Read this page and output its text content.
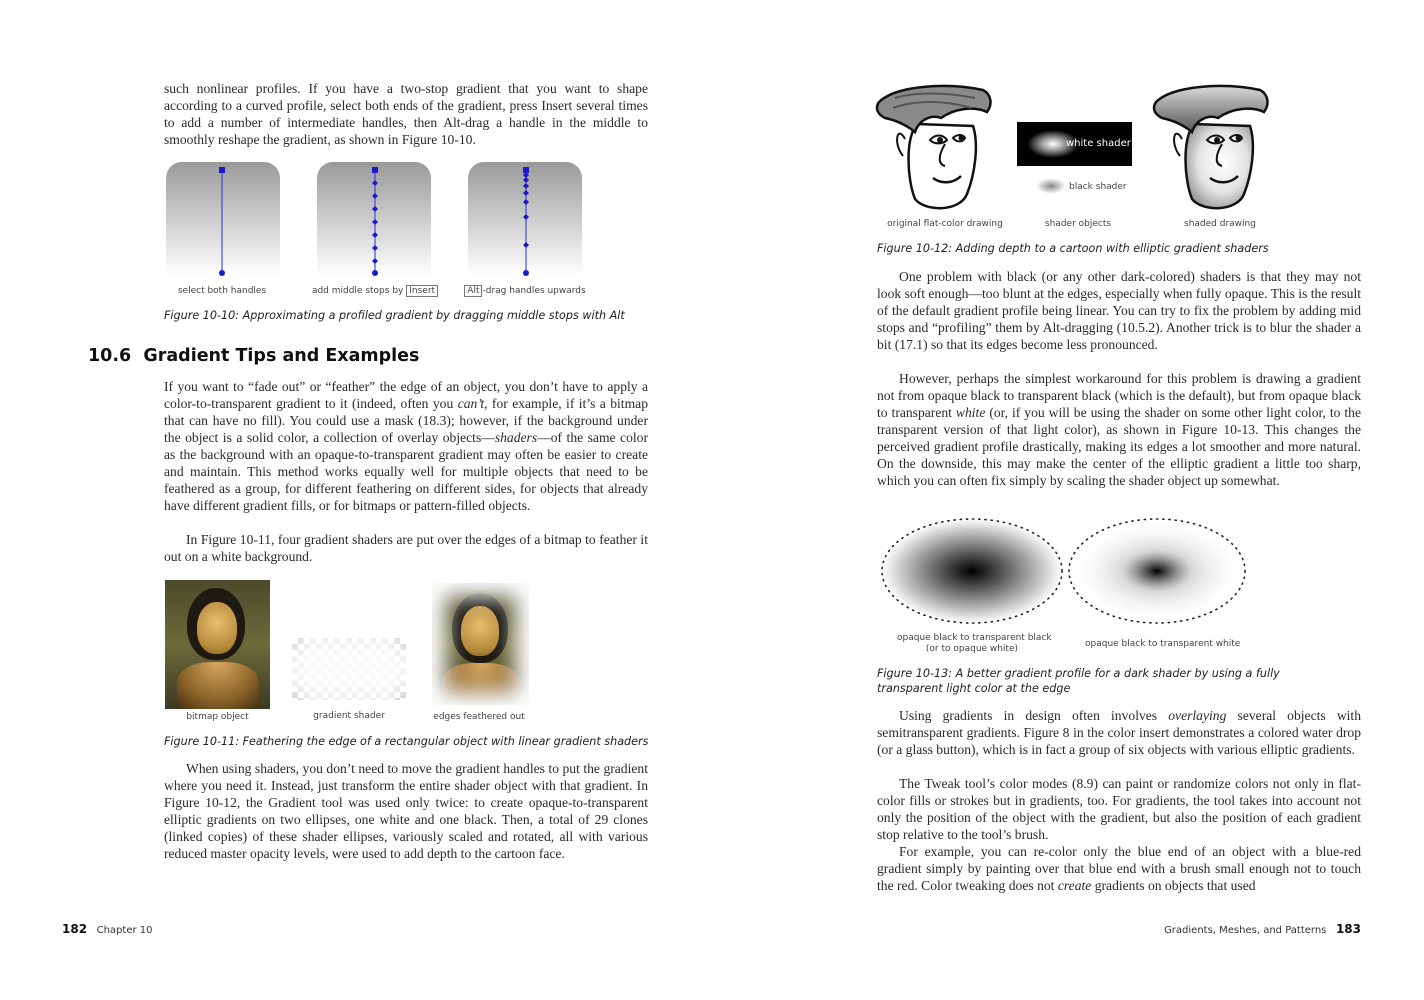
such nonlinear profiles. If you have a two-stop gradient that you want to shape according to a curved profile, select both ends of the gradient, press Insert several times to add a number of intermediate handles, then Alt-drag a handle in the middle to smoothly reshape the gradient, as shown in Figure 10-10.

select both handles	add middle stops by Insert	Alt -drag handles upwards
Figure 10-10: Approximating a profiled gradient by dragging middle stops with Alt
10.6  Gradient Tips and Examples

If you want to “fade out” or “feather” the edge of an object, you don’t have to apply a color-to-transparent gradient to it (indeed, often you can’t, for example, if it’s a bitmap that can have no fill). You could use a mask (18.3); however, if the background under the object is a solid color, a collection of overlay objects—shaders—of the same color as the background with an opaque-to-transparent gradient may often be easier to create and maintain. This method works equally well for multiple objects that need to be feathered as a group, for different feathering on different sides, for objects that already have different gradient fills, or for bitmaps or pattern-filled objects.

In Figure 10-11, four gradient shaders are put over the edges of a bitmap to feather it out on a white background.

bitmap object	gradient shader	edges feathered out
Figure 10-11: Feathering the edge of a rectangular object with linear gradient shaders

When using shaders, you don’t need to move the gradient handles to put the gradient where you need it. Instead, just transform the entire shader object with that gradient. In Figure 10-12, the Gradient tool was used only twice: to create opaque-to-transparent elliptic gradients on two ellipses, one white and one black. Then, a total of 29 clones (linked copies) of these shader ellipses, variously scaled and rotated, all with various reduced master opacity levels, were used to add depth to the cartoon face.

182 Chapter 10
white shader
black shader
original flat-color drawing	shader objects	shaded drawing
Figure 10-12: Adding depth to a cartoon with elliptic gradient shaders

One problem with black (or any other dark-colored) shaders is that they may not look soft enough—too blunt at the edges, especially when fully opaque. This is the result of the default gradient profile being linear. You can try to fix the problem by adding mid stops and “profiling” them by Alt-dragging (10.5.2). Another trick is to blur the shader a bit (17.1) so that its edges become less pronounced.

However, perhaps the simplest workaround for this problem is drawing a gradient not from opaque black to transparent black (which is the default), but from opaque black to transparent white (or, if you will be using the shader on some other light color, to the transparent version of that light color), as shown in Figure 10-13. This changes the perceived gradient profile drastically, making its edges a lot smoother and more natural. On the downside, this may make the center of the elliptic gradient a little too sharp, which you can often fix simply by scaling the shader object up somewhat.

opaque black to transparent black
(or to opaque white)	opaque black to transparent white
Figure 10-13: A better gradient profile for a dark shader by using a fully
transparent light color at the edge

Using gradients in design often involves overlaying several objects with semitransparent gradients. Figure 8 in the color insert demonstrates a colored water drop (or a glass button), which is in fact a group of six objects with various elliptic gradients.

The Tweak tool’s color modes (8.9) can paint or randomize colors not only in flat-color fills or strokes but in gradients, too. For gradients, the tool takes into account not only the position of the object with the gradient, but also the position of each gradient stop relative to the tool’s brush.

For example, you can re-color only the blue end of an object with a blue-red gradient simply by painting over that blue end with a brush small enough not to touch the red. Color tweaking does not create gradients on objects that used

Gradients, Meshes, and Patterns 183
